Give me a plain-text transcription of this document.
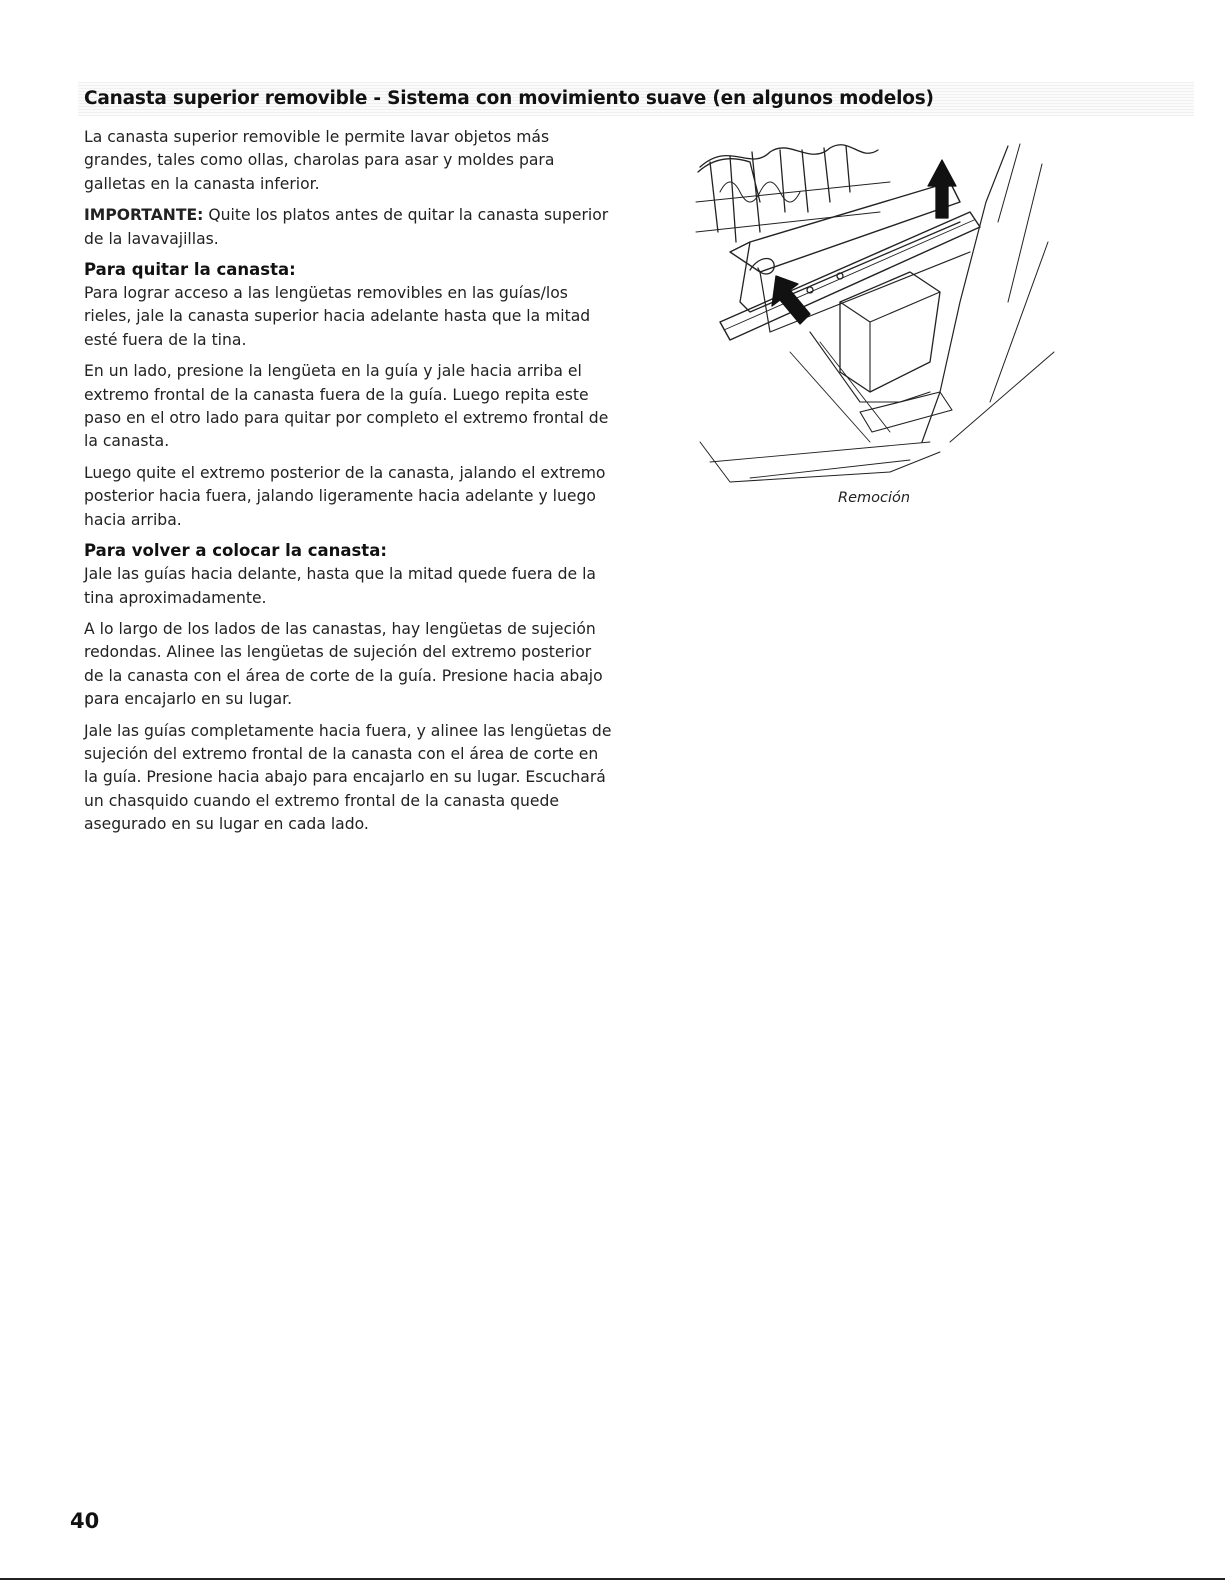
Canasta superior removible - Sistema con movimiento suave (en algunos modelos)

La canasta superior removible le permite lavar objetos más grandes, tales como ollas, charolas para asar y moldes para galletas en la canasta inferior.

IMPORTANTE: Quite los platos antes de quitar la canasta superior de la lavavajillas.

Para quitar la canasta:

Para lograr acceso a las lengüetas removibles en las guías/los rieles, jale la canasta superior hacia adelante hasta que la mitad esté fuera de la tina.

En un lado, presione la lengüeta en la guía y jale hacia arriba el extremo frontal de la canasta fuera de la guía. Luego repita este paso en el otro lado para quitar por completo el extremo frontal de la canasta.

Luego quite el extremo posterior de la canasta, jalando el extremo posterior hacia fuera, jalando ligeramente hacia adelante y luego hacia arriba.

Para volver a colocar la canasta:

Jale las guías hacia delante, hasta que la mitad quede fuera de la tina aproximadamente.

A lo largo de los lados de las canastas, hay lengüetas de sujeción redondas. Alinee las lengüetas de sujeción del extremo posterior de la canasta con el área de corte de la guía. Presione hacia abajo para encajarlo en su lugar.

Jale las guías completamente hacia fuera, y alinee las lengüetas de sujeción del extremo frontal de la canasta con el área de corte en la guía. Presione hacia abajo para encajarlo en su lugar. Escuchará un chasquido cuando el extremo frontal de la canasta quede asegurado en su lugar en cada lado.

Remoción
40
